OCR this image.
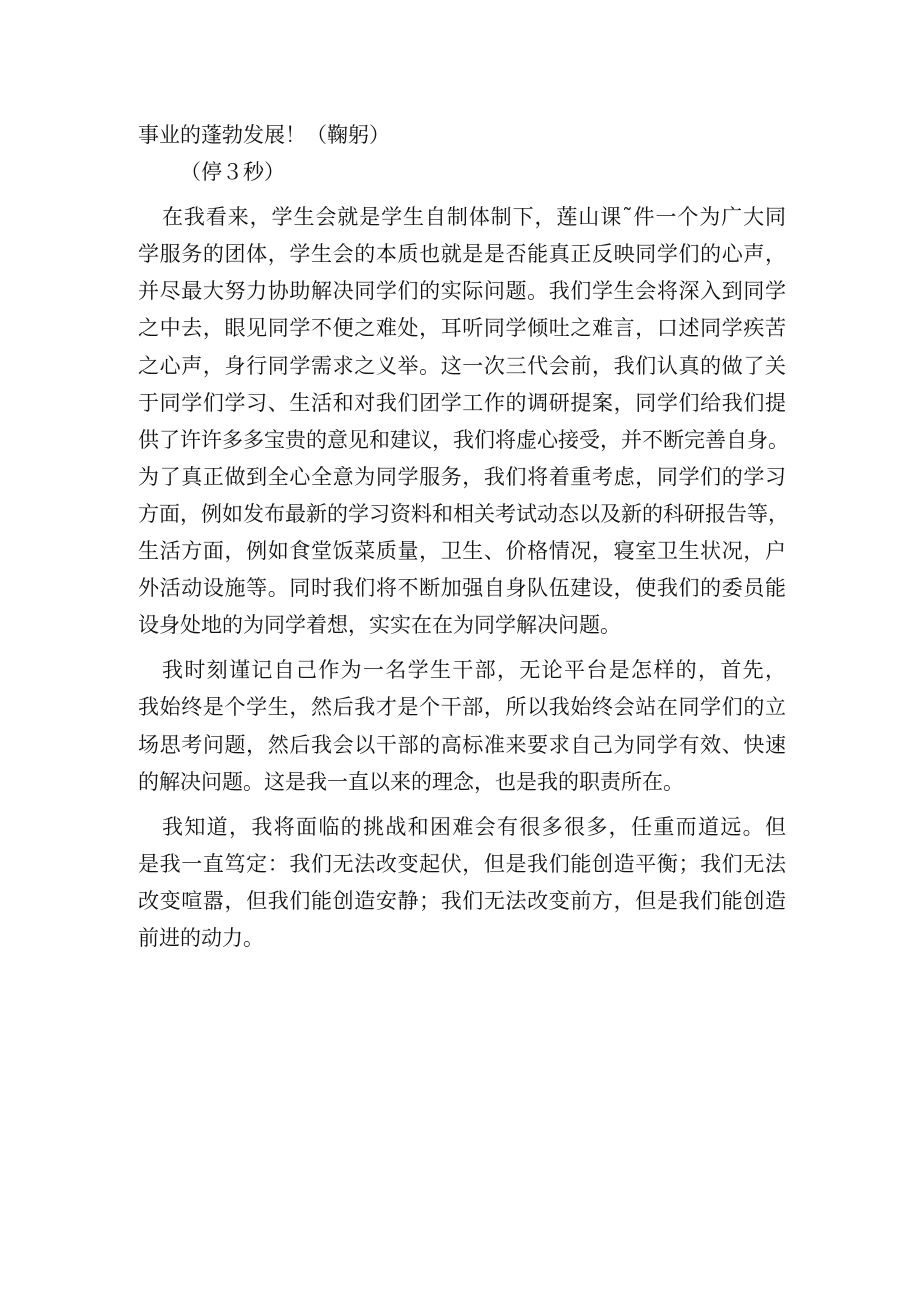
事业的蓬勃发展！（鞠躬）
（停３秒）
在我看来，学生会就是学生自制体制下，莲山课˜件一个为广大同
学服务的团体，学生会的本质也就是是否能真正反映同学们的心声，
并尽最大努力协助解决同学们的实际问题。我们学生会将深入到同学
之中去，眼见同学不便之难处，耳听同学倾吐之难言，口述同学疾苦
之心声，身行同学需求之义举。这一次三代会前，我们认真的做了关
于同学们学习、生活和对我们团学工作的调研提案，同学们给我们提
供了许许多多宝贵的意见和建议，我们将虚心接受，并不断完善自身。
为了真正做到全心全意为同学服务，我们将着重考虑，同学们的学习
方面，例如发布最新的学习资料和相关考试动态以及新的科研报告等，
生活方面，例如食堂饭菜质量，卫生、价格情况，寝室卫生状况，户
外活动设施等。同时我们将不断加强自身队伍建设，使我们的委员能
设身处地的为同学着想，实实在在为同学解决问题。
我时刻谨记自己作为一名学生干部，无论平台是怎样的，首先，
我始终是个学生，然后我才是个干部，所以我始终会站在同学们的立
场思考问题，然后我会以干部的高标准来要求自己为同学有效、快速
的解决问题。这是我一直以来的理念，也是我的职责所在。
我知道，我将面临的挑战和困难会有很多很多，任重而道远。但
是我一直笃定：我们无法改变起伏，但是我们能创造平衡；我们无法
改变喧嚣，但我们能创造安静；我们无法改变前方，但是我们能创造
前进的动力。
